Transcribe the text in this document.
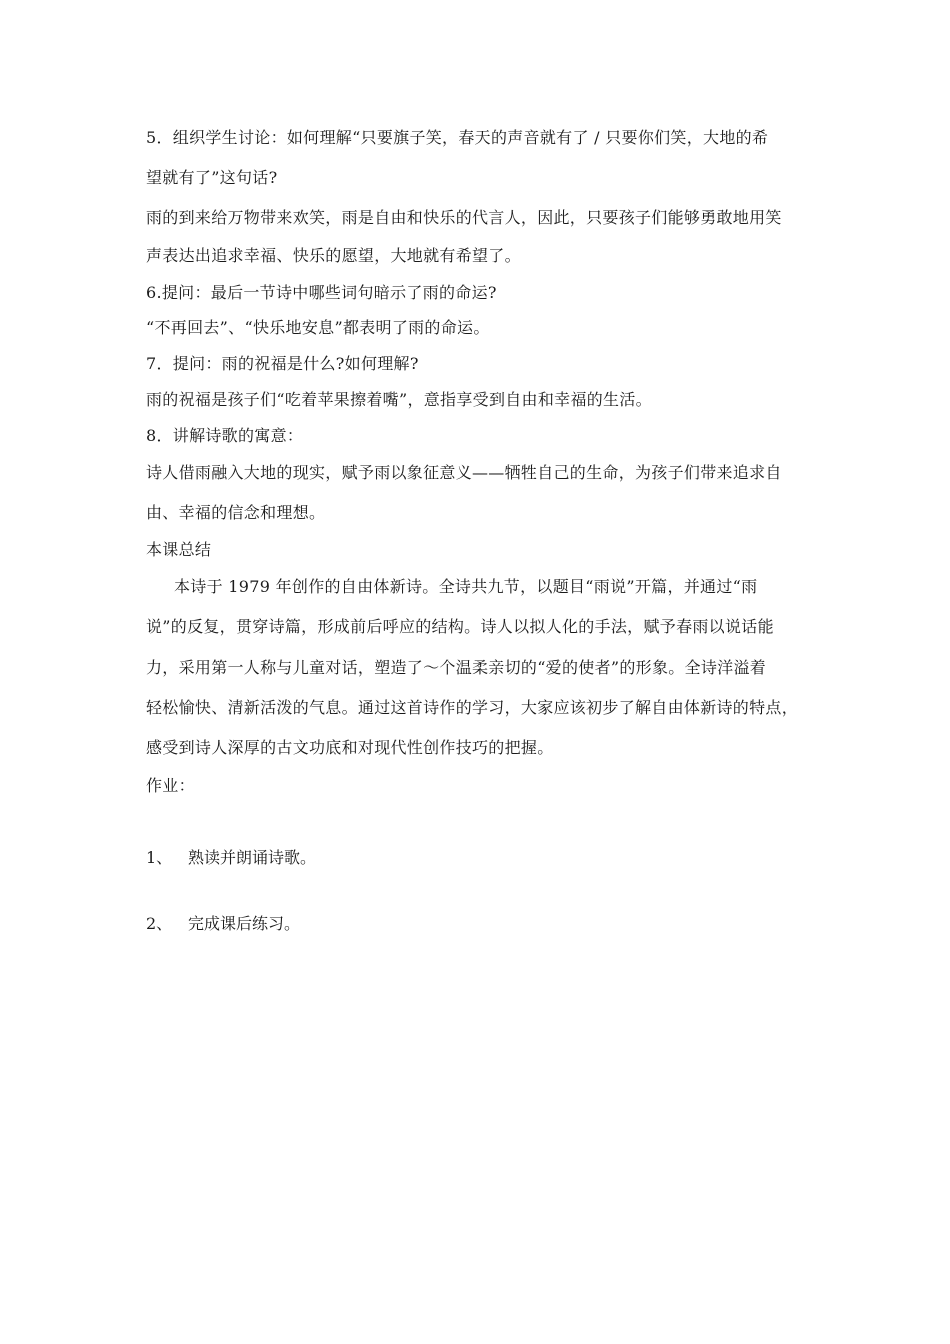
5．组织学生讨论：如何理解“只要旗子笑，春天的声音就有了 / 只要你们笑，大地的希
望就有了”这句话?
雨的到来给万物带来欢笑，雨是自由和快乐的代言人，因此，只要孩子们能够勇敢地用笑
声表达出追求幸福、快乐的愿望，大地就有希望了。
6.提问：最后一节诗中哪些词句暗示了雨的命运?
“不再回去”、“快乐地安息”都表明了雨的命运。
7．提问：雨的祝福是什么?如何理解?
雨的祝福是孩子们“吃着苹果擦着嘴”，意指享受到自由和幸福的生活。
8．讲解诗歌的寓意：
诗人借雨融入大地的现实，赋予雨以象征意义——牺牲自己的生命，为孩子们带来追求自
由、幸福的信念和理想。
本课总结
本诗于 1979 年创作的自由体新诗。全诗共九节，以题目“雨说”开篇，并通过“雨
说”的反复，贯穿诗篇，形成前后呼应的结构。诗人以拟人化的手法，赋予春雨以说话能
力，采用第一人称与儿童对话，塑造了～个温柔亲切的“爱的使者”的形象。全诗洋溢着
轻松愉快、清新活泼的气息。通过这首诗作的学习，大家应该初步了解自由体新诗的特点，
感受到诗人深厚的古文功底和对现代性创作技巧的把握。
作业：
1、 熟读并朗诵诗歌。
2、 完成课后练习。
